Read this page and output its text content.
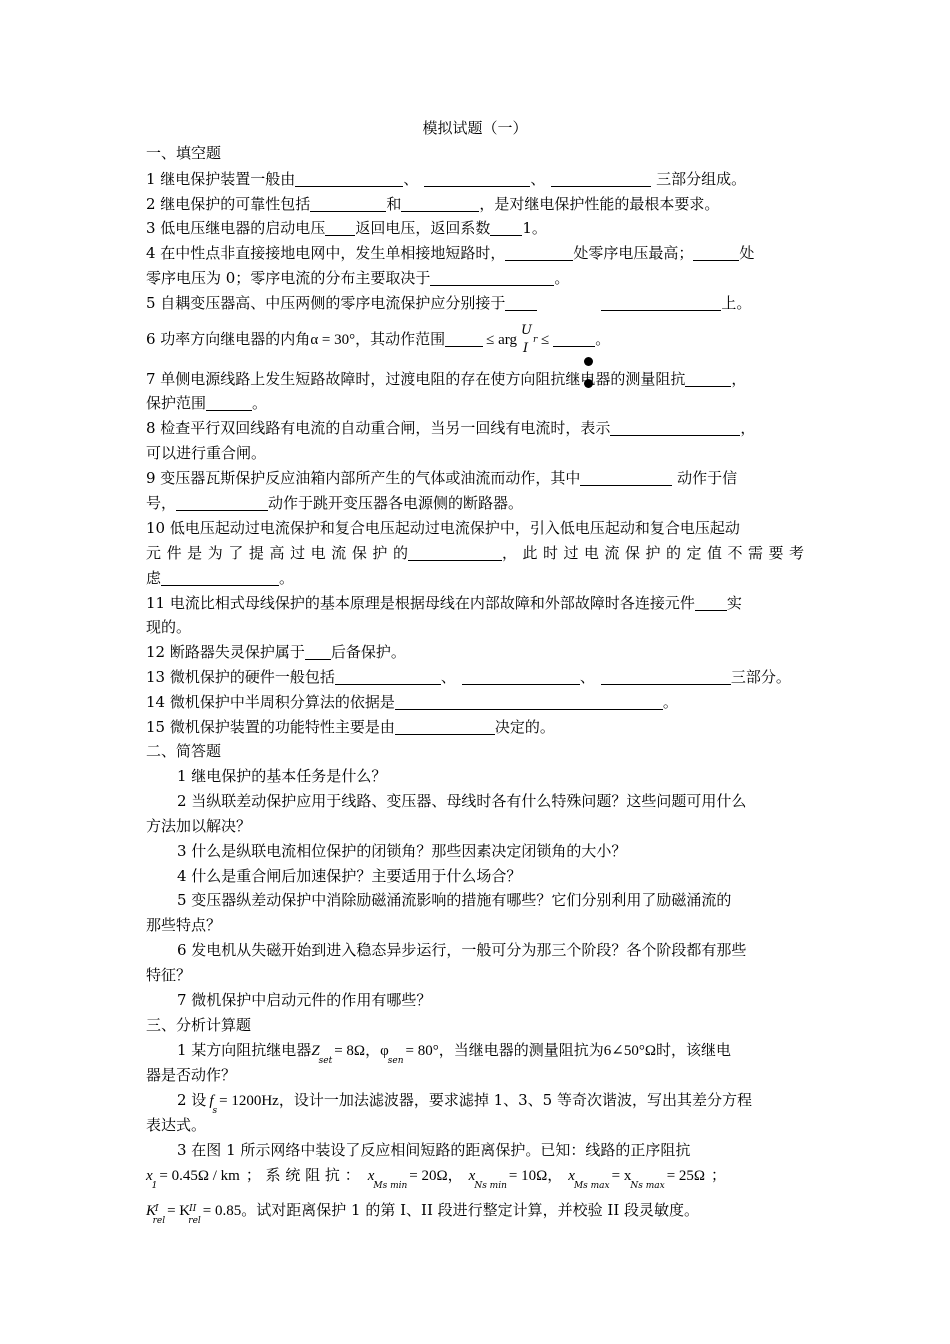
模拟试题（一）
一、填空题
1 继电保护装置一般由	、	、	三部分组成。
2 继电保护的可靠性包括	和	，是对继电保护性能的最根本要求。
3 低电压继电器的启动电压 返回电压，返回系数 1。
4 在中性点非直接接地电网中，发生单相接地短路时，	处零序电压最高；	处
零序电压为 0；零序电流的分布主要取决于	。
5 自耦变压器高、中压两侧的零序电流保护应分别接于	上。
6 功率方向继电器的内角α = 30°，其动作范围	≤ arg
U
r
I
≤	。
7 单侧电源线路上发生短路故障时，过渡电阻的存在使方向阻抗继电器的测量阻抗	，
保护范围	。
8 检查平行双回线路有电流的自动重合闸，当另一回线有电流时，表示	，
可以进行重合闸。
9 变压器瓦斯保护反应油箱内部所产生的气体或油流而动作，其中	动作于信
号，	动作于跳开变压器各电源侧的断路器。
10 低电压起动过电流保护和复合电压起动过电流保护中，引入低电压起动和复合电压起动
元件是为了提高过电流保护的	，此时过电流保护的定值不需要考
虑	。
11 电流比相式母线保护的基本原理是根据母线在内部故障和外部故障时各连接元件 实
现的。
12 断路器失灵保护属于 后备保护。
13 微机保护的硬件一般包括	、	、	三部分。
14 微机保护中半周积分算法的依据是	。
15 微机保护装置的功能特性主要是由	决定的。
二、简答题
1 继电保护的基本任务是什么？
2 当纵联差动保护应用于线路、变压器、母线时各有什么特殊问题？这些问题可用什么
方法加以解决？
3 什么是纵联电流相位保护的闭锁角？那些因素决定闭锁角的大小？
4 什么是重合闸后加速保护？主要适用于什么场合？
5 变压器纵差动保护中消除励磁涌流影响的措施有哪些？它们分别利用了励磁涌流的
那些特点？
6 发电机从失磁开始到进入稳态异步运行，一般可分为那三个阶段？各个阶段都有那些
特征？
7 微机保护中启动元件的作用有哪些？
三、分析计算题
1 某方向阻抗继电器$Z_{set}= 8\Omega$，$\varphi_{sen}= 80^\circ$，当继电器的测量阻抗为6∠50°Ω时，该继电
器是否动作？
2 设 $f_s= 1200Hz$，设计一加法滤波器，要求滤掉 1、3、5 等奇次谐波，写出其差分方程
表达式。
3 在图 1 所示网络中装设了反应相间短路的距离保护。已知：线路的正序阻抗
$x_1= 0.45\Omega$ / km ； 系 统 阻 抗 ： $x_{Ms min}= 20\Omega$， $x_{Ns min}= 10\Omega$， $x_{Ms max}= x_{Ns max}= 25\Omega$ ；
$K^I_{rel}= K^{II}_{rel}= 0.85$。试对距离保护 1 的第 I、II 段进行整定计算，并校验 II 段灵敏度。
